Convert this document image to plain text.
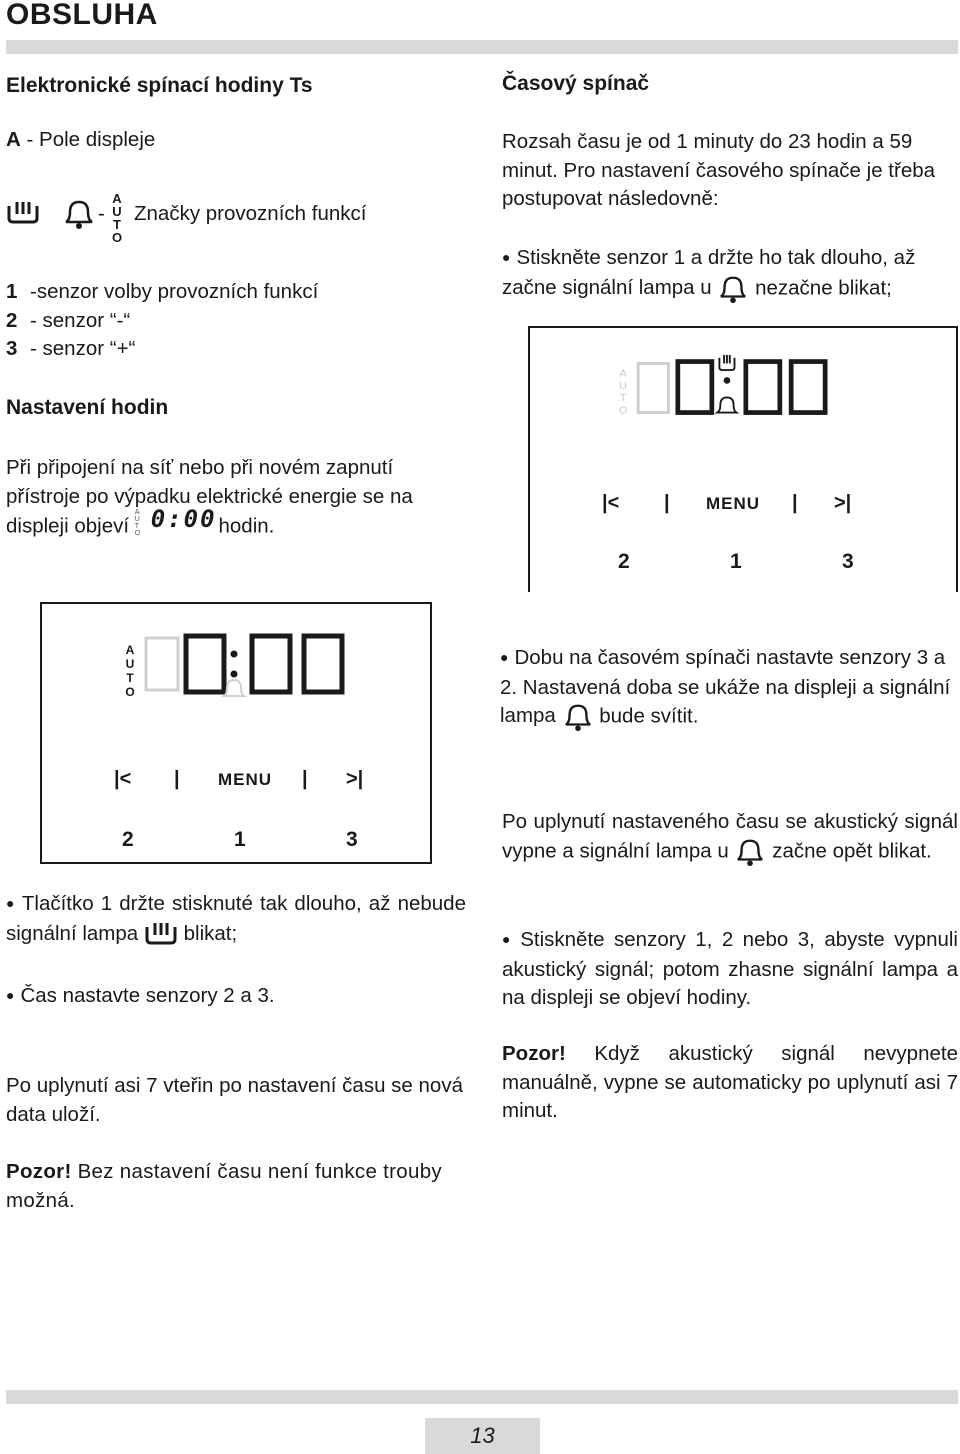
OBSLUHA
Elektronické spínací hodiny Ts
A - Pole displeje
-
A
U
T
O
Značky provozních funkcí
1 -senzor volby provozních funkcí
2 - senzor “-“
3 - senzor “+“
Nastavení hodin
Při připojení na síť nebo při novém zapnutí přístroje po výpadku elektrické energie se na displeji objeví
A
U
T
O
0:00 hodin.
A
U
T
O
|< | MENU | >|
2	1	3
● Tlačítko 1 držte stisknuté tak dlouho, až nebude signální lampa blikat;
● Čas nastavte senzory 2 a 3.
Po uplynutí asi 7 vteřin po nastavení času se nová data uloží.
Pozor! Bez nastavení času není funkce trouby možná.
Časový spínač
Rozsah času je od 1 minuty do 23 hodin a 59 minut. Pro nastavení časového spínače je třeba postupovat následovně:
● Stiskněte senzor 1 a držte ho tak dlouho, až začne signální lampa u nezačne blikat;
A
U
T
O
|< | MENU | >|
2	1	3
● Dobu na časovém spínači nastavte senzory 3 a 2. Nastavená doba se ukáže na displeji a signální lampa bude svítit.
Po uplynutí nastaveného času se akustický signál vypne a signální lampa u začne opět blikat.
● Stiskněte senzory 1, 2 nebo 3, abyste vypnuli akustický signál; potom zhasne signální lampa a na displeji se objeví hodiny.
Pozor! Když akustický signál nevypnete manuálně, vypne se automaticky po uplynutí asi 7 minut.
13
